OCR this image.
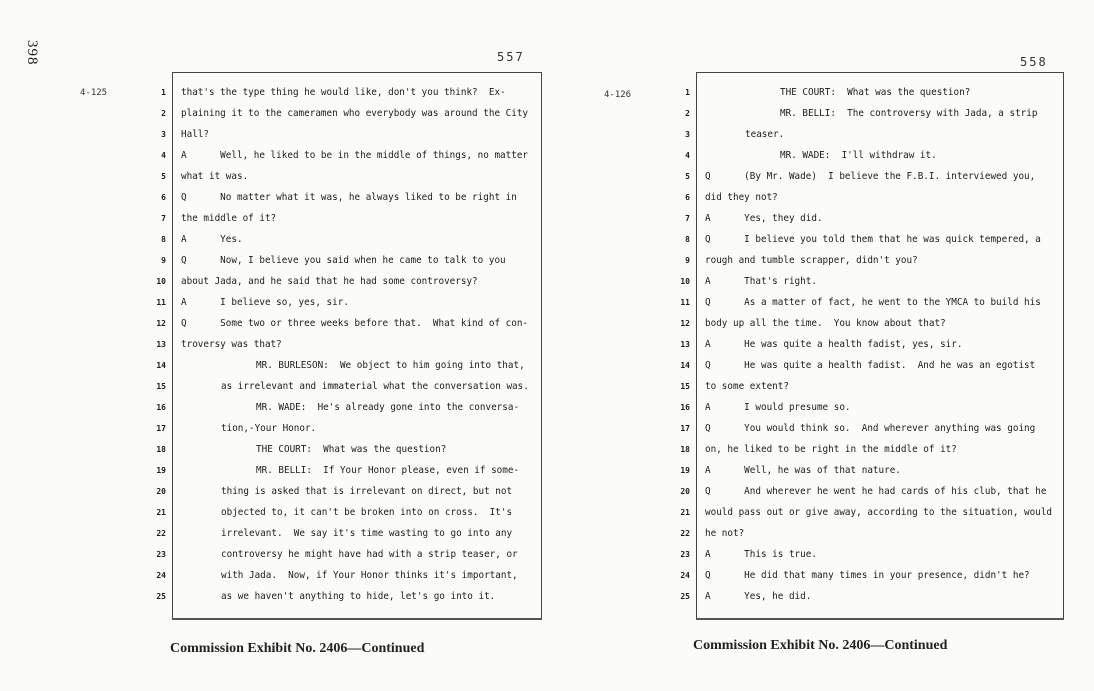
398	557
4-125	1 that's the type thing he would like, don't you think?  Ex-
2 plaining it to the cameramen who everybody was around the City
3 Hall?
4 A      Well, he liked to be in the middle of things, no matter
5 what it was.
6 Q      No matter what it was, he always liked to be right in
7 the middle of it?
8 A      Yes.
9 Q      Now, I believe you said when he came to talk to you
10 about Jada, and he said that he had some controversy?
11 A      I believe so, yes, sir.
12 Q      Some two or three weeks before that.  What kind of con-
13 troversy was that?
14	MR. BURLESON:  We object to him going into that,
15	as irrelevant and immaterial what the conversation was.
16	MR. WADE:  He's already gone into the conversa-
17	tion,-Your Honor.
18	THE COURT:  What was the question?
19	MR. BELLI:  If Your Honor please, even if some-
20	thing is asked that is irrelevant on direct, but not
21	objected to, it can't be broken into on cross.  It's
22	irrelevant.  We say it's time wasting to go into any
23	controversy he might have had with a strip teaser, or
24	with Jada.  Now, if Your Honor thinks it's important,
25	as we haven't anything to hide, let's go into it.
Commission Exhibit No. 2406—Continued
558
4-126	1	THE COURT:  What was the question?
2	MR. BELLI:  The controversy with Jada, a strip
3	teaser.
4	MR. WADE:  I'll withdraw it.
5 Q      (By Mr. Wade)  I believe the F.B.I. interviewed you,
6 did they not?
7 A      Yes, they did.
8 Q      I believe you told them that he was quick tempered, a
9 rough and tumble scrapper, didn't you?
10 A      That's right.
11 Q      As a matter of fact, he went to the YMCA to build his
12 body up all the time.  You know about that?
13 A      He was quite a health fadist, yes, sir.
14 Q      He was quite a health fadist.  And he was an egotist
15 to some extent?
16 A      I would presume so.
17 Q      You would think so.  And wherever anything was going
18 on, he liked to be right in the middle of it?
19 A      Well, he was of that nature.
20 Q      And wherever he went he had cards of his club, that he
21 would pass out or give away, according to the situation, would
22 he not?
23 A      This is true.
24 Q      He did that many times in your presence, didn't he?
25 A      Yes, he did.
Commission Exhibit No. 2406—Continued
